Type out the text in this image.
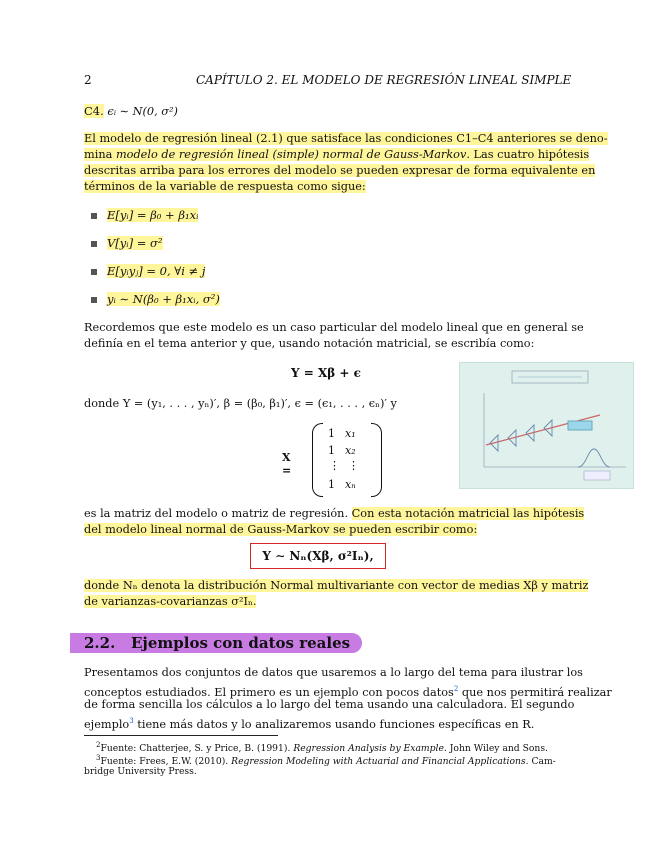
2	CAPÍTULO 2. EL MODELO DE REGRESIÓN LINEAL SIMPLE
C4. ϵᵢ ∼ N(0, σ²)
El modelo de regresión lineal (2.1) que satisface las condiciones C1–C4 anteriores se deno-
mina modelo de regresión lineal (simple) normal de Gauss-Markov. Las cuatro hipótesis
descritas arriba para los errores del modelo se pueden expresar de forma equivalente en
términos de la variable de respuesta como sigue:
E[yᵢ] = β₀ + β₁xᵢ
V[yᵢ] = σ²
E[yᵢyⱼ] = 0, ∀i ≠ j
yᵢ ∼ N(β₀ + β₁xᵢ, σ²)
Recordemos que este modelo es un caso particular del modelo lineal que en general se
definía en el tema anterior y que, usando notación matricial, se escribía como:
Y = Xβ + ϵ
donde Y = (y₁, . . . , yₙ)′, β = (β₀, β₁)′, ϵ = (ϵ₁, . . . , ϵₙ)′ y
X =
1
1
⋮
1
x₁
x₂
⋮
xₙ
es la matriz del modelo o matriz de regresión. Con esta notación matricial las hipótesis
del modelo lineal normal de Gauss-Markov se pueden escribir como:
Y ∼ Nₙ(Xβ, σ²Iₙ),
donde Nₙ denota la distribución Normal multivariante con vector de medias Xβ y matriz
de varianzas-covarianzas σ²Iₙ.
2.2. Ejemplos con datos reales
Presentamos dos conjuntos de datos que usaremos a lo largo del tema para ilustrar los
conceptos estudiados. El primero es un ejemplo con pocos datos$^2$ que nos permitirá realizar
de forma sencilla los cálculos a lo largo del tema usando una calculadora. El segundo
ejemplo$^3$ tiene más datos y lo analizaremos usando funciones específicas en R.
$^2$Fuente: Chatterjee, S. y Price, B. (1991). Regression Analysis by Example. John Wiley and Sons.
$^3$Fuente: Frees, E.W. (2010). Regression Modeling with Actuarial and Financial Applications. Cam-
bridge University Press.
